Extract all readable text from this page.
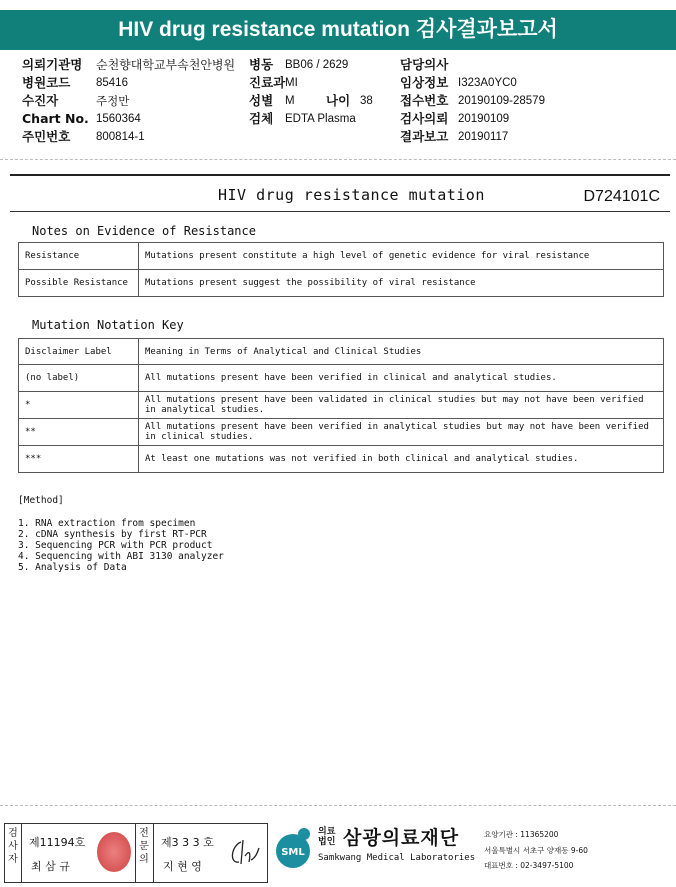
HIV drug resistance mutation 검사결과보고서
의뢰기관명 순천향대학교부속천안병원 병동 BB06 / 2629	담당의사
병원코드 85416	진료과 MI	임상정보 I323A0YC0
수진자	주정만	성별 M	나이 38 접수번호 20190109-28579
Chart No. 1560364	검체 EDTA Plasma	검사의뢰 20190109
주민번호 800814-1	결과보고 20190117
HIV drug resistance mutation	D724101C
Notes on Evidence of Resistance
Resistance	Mutations present constitute a high level of genetic evidence for viral resistance
Possible Resistance	Mutations present suggest the possibility of viral resistance
Mutation Notation Key
Disclaimer Label	Meaning in Terms of Analytical and Clinical Studies
(no label)	All mutations present have been verified in clinical and analytical studies.
*	All mutations present have been validated in clinical studies but may not have been verified in analytical studies.
**	All mutations present have been verified in analytical studies but may not have been verified in clinical studies.
***	At least one mutations was not verified in both clinical and analytical studies.
[Method]
1. RNA extraction from specimen
2. cDNA synthesis by first RT-PCR
3. Sequencing PCR with PCR product
4. Sequencing with ABI 3130 analyzer
5. Analysis of Data
검사자
제11194호
최 삼 규
전문의
제3 3 3 호
지 현 영
SML
의료
법인 삼광의료재단
Samkwang Medical Laboratories
요양기관 : 11365200
서울특별시 서초구 양재동 9-60
대표번호 : 02-3497-5100
